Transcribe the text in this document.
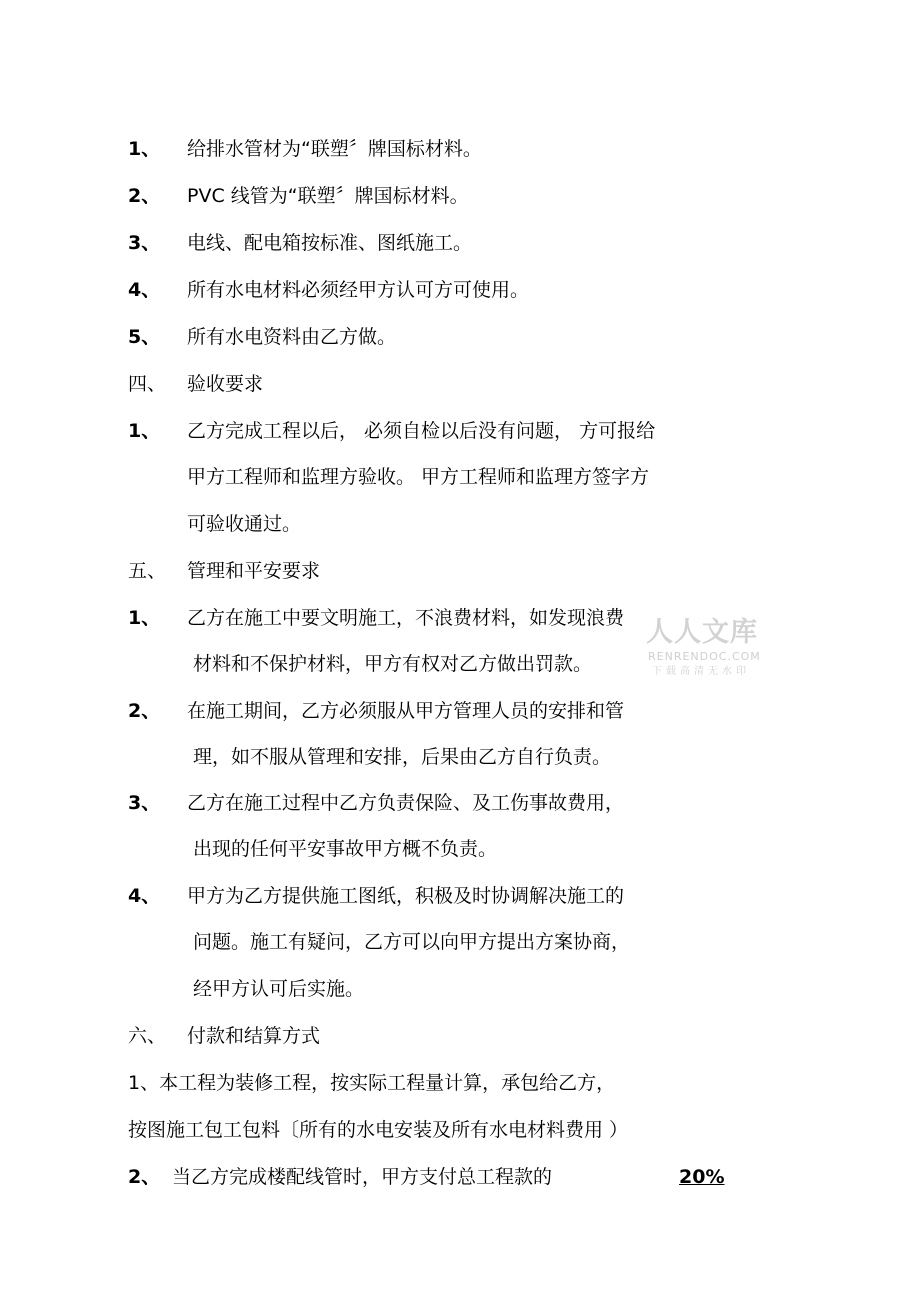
1、 给排水管材为“联塑〞牌国标材料。
2、 PVC 线管为“联塑〞牌国标材料。
3、 电线、配电箱按标准、图纸施工。
4、 所有水电材料必须经甲方认可方可使用。
5、 所有水电资料由乙方做。
四、 验收要求
1、 乙方完成工程以后， 必须自检以后没有问题， 方可报给
甲方工程师和监理方验收。 甲方工程师和监理方签字方
可验收通过。
五、 管理和平安要求
1、 乙方在施工中要文明施工，不浪费材料，如发现浪费
材料和不保护材料，甲方有权对乙方做出罚款。
2、 在施工期间，乙方必须服从甲方管理人员的安排和管
理，如不服从管理和安排，后果由乙方自行负责。
3、 乙方在施工过程中乙方负责保险、及工伤事故费用，
出现的任何平安事故甲方概不负责。
4、 甲方为乙方提供施工图纸，积极及时协调解决施工的
问题。施工有疑问，乙方可以向甲方提出方案协商，
经甲方认可后实施。
六、 付款和结算方式
1、本工程为装修工程，按实际工程量计算，承包给乙方，
按图施工包工包料〔所有的水电安装及所有水电材料费用 ）
2、 当乙方完成楼配线管时，甲方支付总工程款的	20%
人人文库
RENRENDOC.COM
下载高清无水印
